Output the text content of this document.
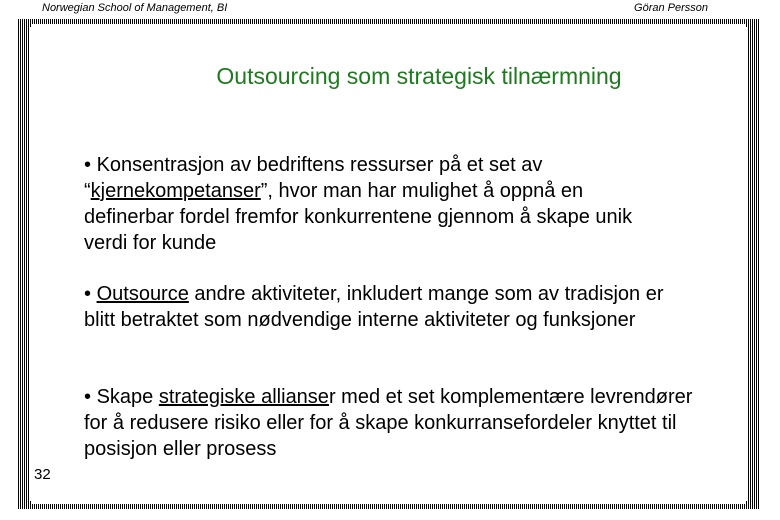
Norwegian School of Management, BI	Göran Persson
Outsourcing som strategisk tilnærmning

• Konsentrasjon av bedriftens ressurser på et set av “kjernekompetanser”, hvor man har mulighet å oppnå en definerbar fordel fremfor konkurrentene gjennom å skape unik verdi for kunde

• Outsource andre aktiviteter, inkludert mange som av tradisjon er blitt betraktet som nødvendige interne aktiviteter og funksjoner

• Skape strategiske allianser med et set komplementære levrendører for å redusere risiko eller for å skape konkurransefordeler knyttet til posisjon eller prosess

32
